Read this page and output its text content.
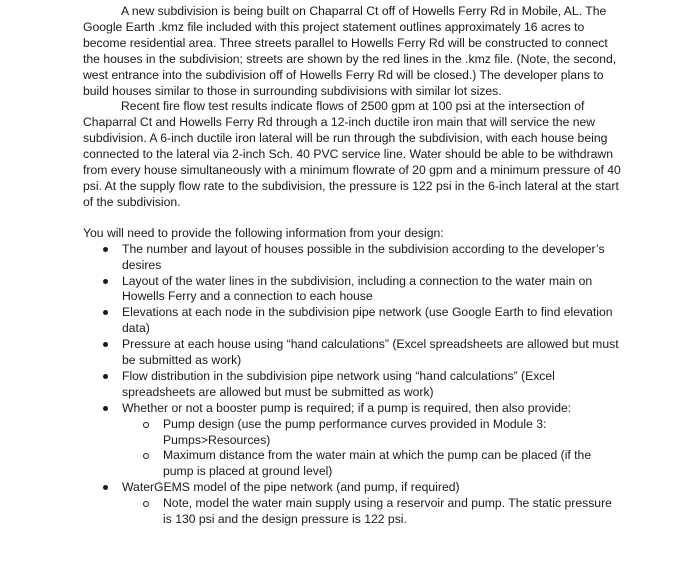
A new subdivision is being built on Chaparral Ct off of Howells Ferry Rd in Mobile, AL. The Google Earth .kmz file included with this project statement outlines approximately 16 acres to become residential area. Three streets parallel to Howells Ferry Rd will be constructed to connect the houses in the subdivision; streets are shown by the red lines in the .kmz file. (Note, the second, west entrance into the subdivision off of Howells Ferry Rd will be closed.) The developer plans to build houses similar to those in surrounding subdivisions with similar lot sizes.

Recent fire flow test results indicate flows of 2500 gpm at 100 psi at the intersection of Chaparral Ct and Howells Ferry Rd through a 12-inch ductile iron main that will service the new subdivision. A 6-inch ductile iron lateral will be run through the subdivision, with each house being connected to the lateral via 2-inch Sch. 40 PVC service line. Water should be able to be withdrawn from every house simultaneously with a minimum flowrate of 20 gpm and a minimum pressure of 40 psi. At the supply flow rate to the subdivision, the pressure is 122 psi in the 6-inch lateral at the start of the subdivision.

You will need to provide the following information from your design:

The number and layout of houses possible in the subdivision according to the developer’s desires
Layout of the water lines in the subdivision, including a connection to the water main on Howells Ferry and a connection to each house
Elevations at each node in the subdivision pipe network (use Google Earth to find elevation data)
Pressure at each house using “hand calculations” (Excel spreadsheets are allowed but must be submitted as work)
Flow distribution in the subdivision pipe network using “hand calculations” (Excel spreadsheets are allowed but must be submitted as work)
Whether or not a booster pump is required; if a pump is required, then also provide:
Pump design (use the pump performance curves provided in Module 3: Pumps>Resources)
Maximum distance from the water main at which the pump can be placed (if the pump is placed at ground level)
WaterGEMS model of the pipe network (and pump, if required)
Note, model the water main supply using a reservoir and pump. The static pressure is 130 psi and the design pressure is 122 psi.
